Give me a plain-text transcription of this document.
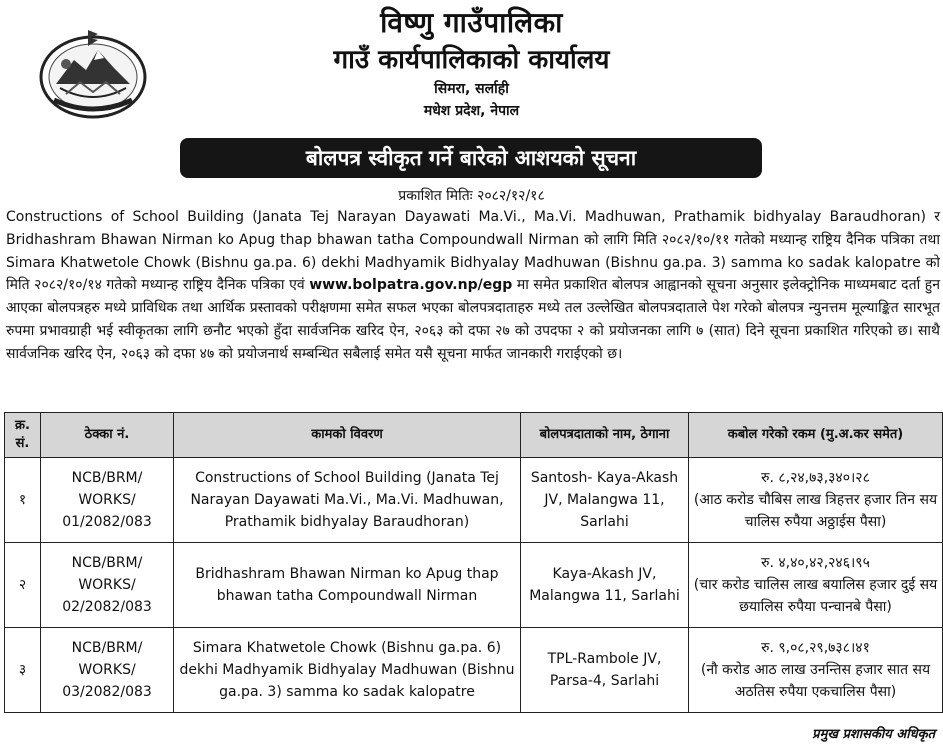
विष्णु गाउँपालिका
गाउँ कार्यपालिकाको कार्यालय
सिमरा, सर्लाही
मधेश प्रदेश, नेपाल
बोलपत्र स्वीकृत गर्ने बारेको आशयको सूचना
प्रकाशित मितिः २०८२/१२/१८
Constructions of School Building (Janata Tej Narayan Dayawati Ma.Vi., Ma.Vi. Madhuwan, Prathamik bidhyalay Baraudhoran) र Bridhashram Bhawan Nirman ko Apug thap bhawan tatha Compoundwall Nirman को लागि मिति २०८२/१०/११ गतेको मध्यान्ह राष्ट्रिय दैनिक पत्रिका तथा Simara Khatwetole Chowk (Bishnu ga.pa. 6) dekhi Madhyamik Bidhyalay Madhuwan (Bishnu ga.pa. 3) samma ko sadak kalopatre को मिति २०८२/१०/१४ गतेको मध्यान्ह राष्ट्रिय दैनिक पत्रिका एवं www.bolpatra.gov.np/egp मा समेत प्रकाशित बोलपत्र आह्वानको सूचना अनुसार इलेक्ट्रोनिक माध्यमबाट दर्ता हुन आएका बोलपत्रहरु मध्ये प्राविधिक तथा आर्थिक प्रस्तावको परीक्षणमा समेत सफल भएका बोलपत्रदाताहरु मध्ये तल उल्लेखित बोलपत्रदाताले पेश गरेको बोलपत्र न्युनत्तम मूल्याङ्कित सारभूत रुपमा प्रभावग्राही भई स्वीकृतका लागि छनौट भएको हुँदा सार्वजनिक खरिद ऐन, २०६३ को दफा २७ को उपदफा २ को प्रयोजनका लागि ७ (सात) दिने सूचना प्रकाशित गरिएको छ। साथै सार्वजनिक खरिद ऐन, २०६३ को दफा ४७ को प्रयोजनार्थ सम्बन्धित सबैलाई समेत यसै सूचना मार्फत जानकारी गराईएको छ।
क्र. सं.	ठेक्का नं.	कामको विवरण	बोलपत्रदाताको नाम, ठेगाना	कबोल गरेको रकम (मु.अ.कर समेत)
१	NCB/BRM/ WORKS/ 01/2082/083	Constructions of School Building (Janata Tej Narayan Dayawati Ma.Vi., Ma.Vi. Madhuwan, Prathamik bidhyalay Baraudhoran)	Santosh- Kaya-Akash JV, Malangwa 11, Sarlahi	रु. ८,२४,७३,३४०।२८
(आठ करोड चौबिस लाख त्रिहत्तर हजार तिन सय चालिस रुपैया अठ्ठाईस पैसा)

२	NCB/BRM/ WORKS/ 02/2082/083	Bridhashram Bhawan Nirman ko Apug thap bhawan tatha Compoundwall Nirman	Kaya-Akash JV, Malangwa 11, Sarlahi	रु. ४,४०,४२,२४६।९५
(चार करोड चालिस लाख बयालिस हजार दुई सय छयालिस रुपैया पन्चानबे पैसा)

३	NCB/BRM/ WORKS/ 03/2082/083	Simara Khatwetole Chowk (Bishnu ga.pa. 6) dekhi Madhyamik Bidhyalay Madhuwan (Bishnu ga.pa. 3) samma ko sadak kalopatre	TPL-Rambole JV, Parsa-4, Sarlahi	रु. ९,०८,२९,७३८।४१
(नौ करोड आठ लाख उनन्तिस हजार सात सय अठतिस रुपैया एकचालिस पैसा)
प्रमुख प्रशासकीय अधिकृत
